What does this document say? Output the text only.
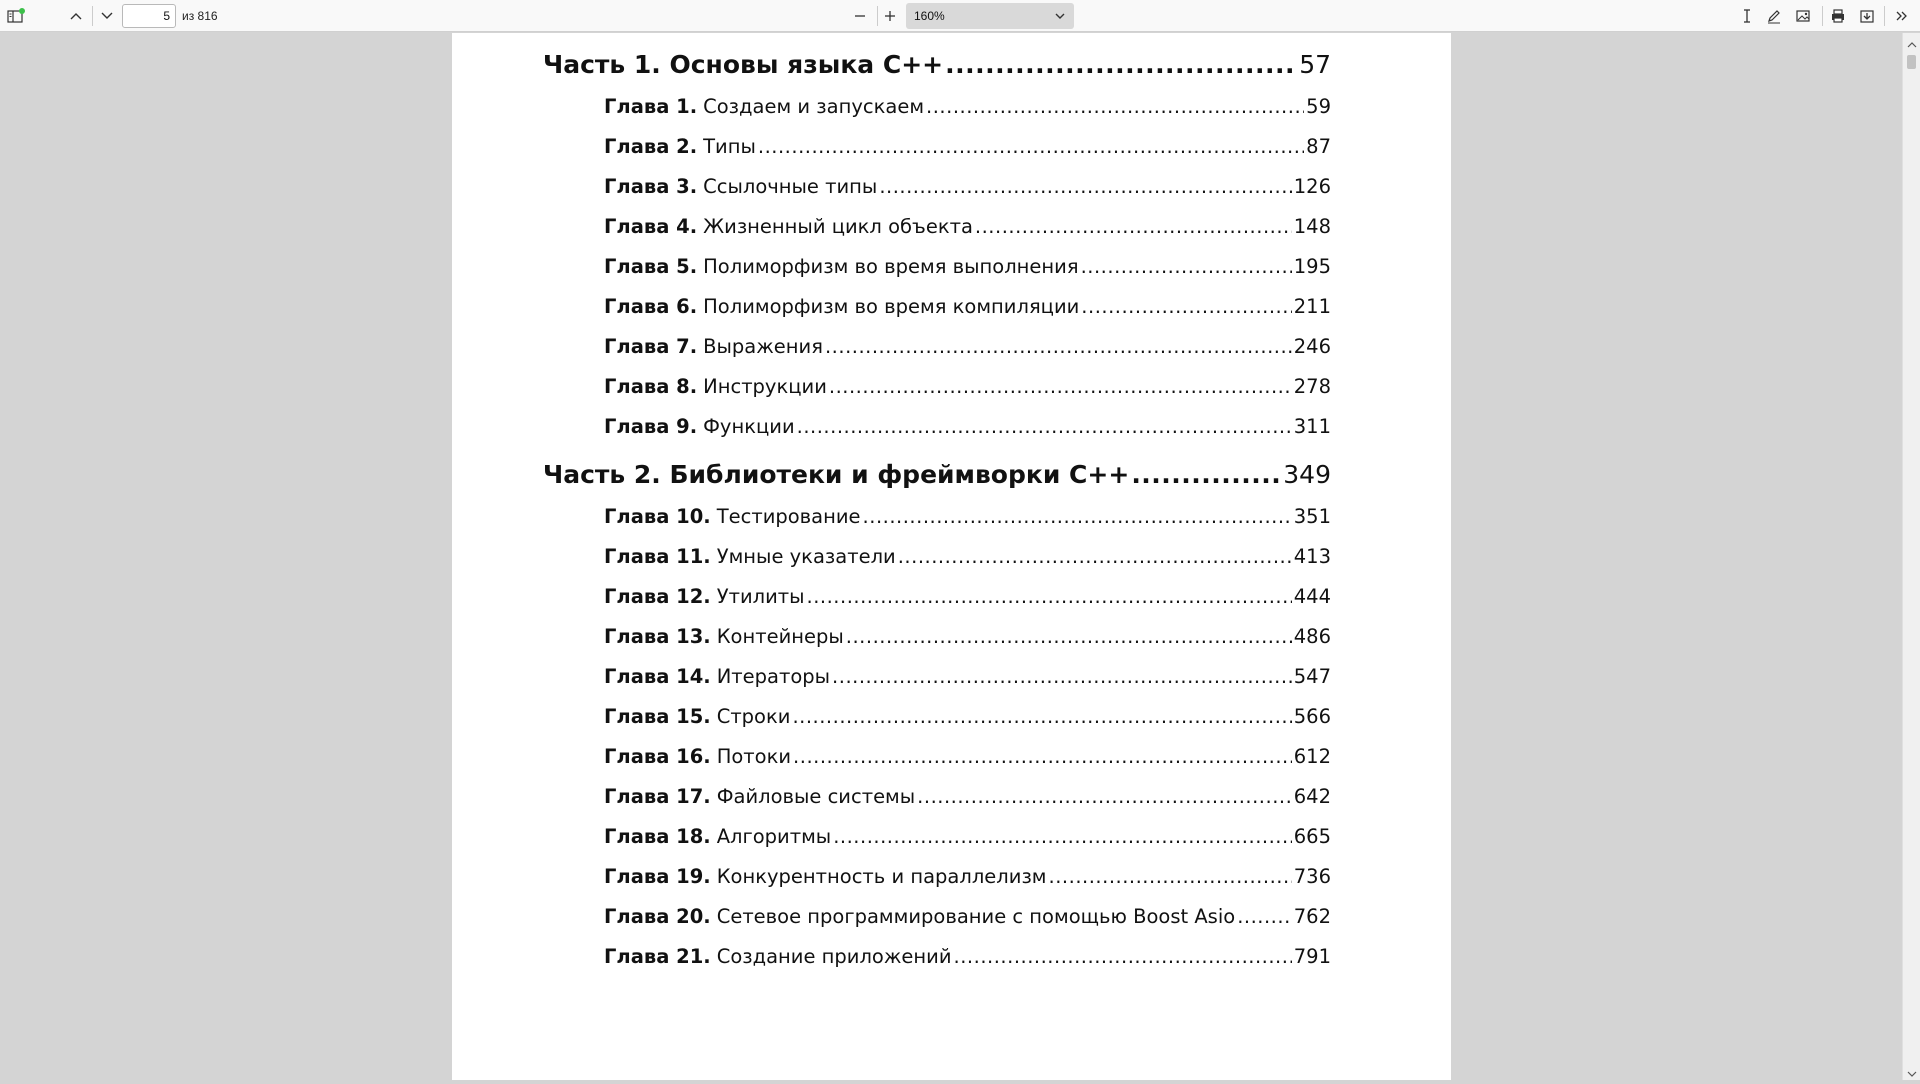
5
из 816	160%
Часть 1. Основы языка C++ .....	57
Глава 1. Создаем и запускаем .....	59
Глава 2. Типы .....	87
Глава 3. Ссылочные типы .....	126
Глава 4. Жизненный цикл объекта .....	148
Глава 5. Полиморфизм во время выполнения .....	195
Глава 6. Полиморфизм во время компиляции .....	211
Глава 7. Выражения .....	246
Глава 8. Инструкции .....	278
Глава 9. Функции .....	311
Часть 2. Библиотеки и фреймворки C++ .....	349
Глава 10. Тестирование .....	351
Глава 11. Умные указатели .....	413
Глава 12. Утилиты .....	444
Глава 13. Контейнеры .....	486
Глава 14. Итераторы .....	547
Глава 15. Строки .....	566
Глава 16. Потоки .....	612
Глава 17. Файловые системы .....	642
Глава 18. Алгоритмы .....	665
Глава 19. Конкурентность и параллелизм .....	736
Глава 20. Сетевое программирование с помощью Boost Asio .....	762
Глава 21. Создание приложений .....	791
